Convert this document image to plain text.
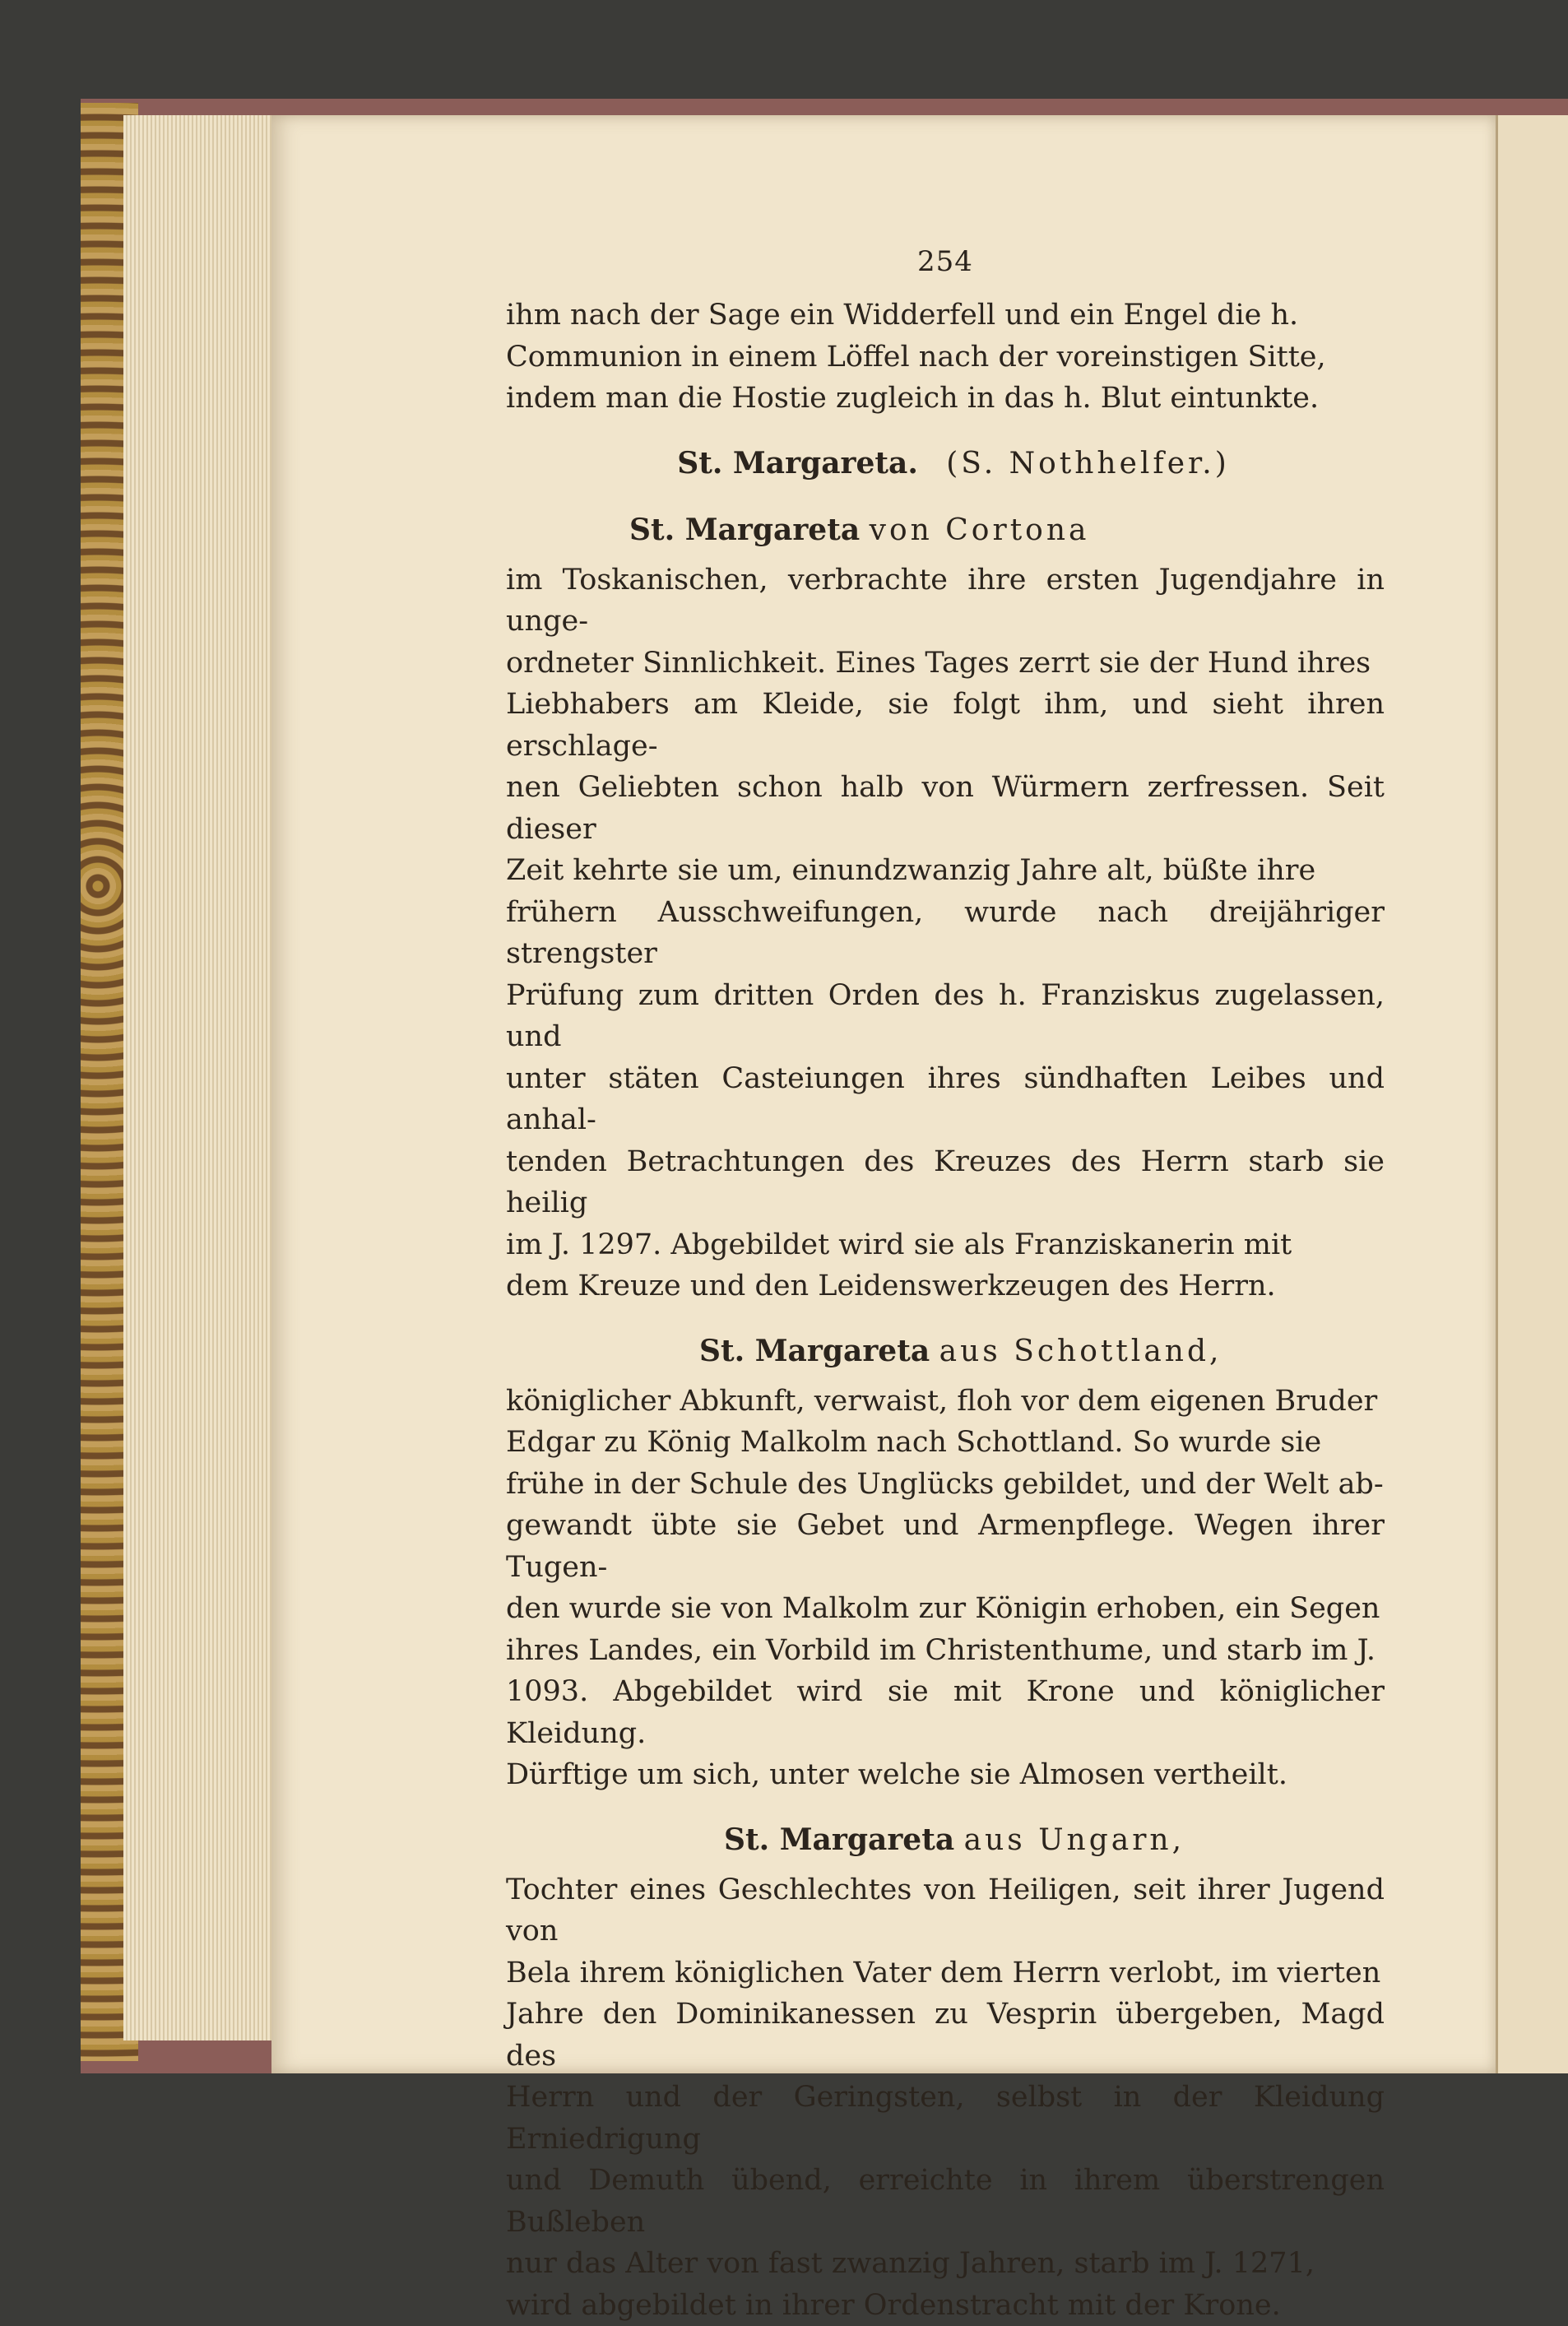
254

ihm nach der Sage ein Widderfell und ein Engel die h.

Communion in einem Löffel nach der voreinstigen Sitte,

indem man die Hostie zugleich in das h. Blut eintunkte.

St. Margareta. (S. Nothhelfer.)
St. Margareta von Cortona

im Toskanischen, verbrachte ihre ersten Jugendjahre in unge-

ordneter Sinnlichkeit. Eines Tages zerrt sie der Hund ihres

Liebhabers am Kleide, sie folgt ihm, und sieht ihren erschlage-

nen Geliebten schon halb von Würmern zerfressen. Seit dieser

Zeit kehrte sie um, einundzwanzig Jahre alt, büßte ihre

frühern Ausschweifungen, wurde nach dreijähriger strengster

Prüfung zum dritten Orden des h. Franziskus zugelassen, und

unter stäten Casteiungen ihres sündhaften Leibes und anhal-

tenden Betrachtungen des Kreuzes des Herrn starb sie heilig

im J. 1297. Abgebildet wird sie als Franziskanerin mit

dem Kreuze und den Leidenswerkzeugen des Herrn.

St. Margareta aus Schottland,

königlicher Abkunft, verwaist, floh vor dem eigenen Bruder

Edgar zu König Malkolm nach Schottland. So wurde sie

frühe in der Schule des Unglücks gebildet, und der Welt ab-

gewandt übte sie Gebet und Armenpflege. Wegen ihrer Tugen-

den wurde sie von Malkolm zur Königin erhoben, ein Segen

ihres Landes, ein Vorbild im Christenthume, und starb im J.

1093. Abgebildet wird sie mit Krone und königlicher Kleidung.

Dürftige um sich, unter welche sie Almosen vertheilt.

St. Margareta aus Ungarn,

Tochter eines Geschlechtes von Heiligen, seit ihrer Jugend von

Bela ihrem königlichen Vater dem Herrn verlobt, im vierten

Jahre den Dominikanessen zu Vesprin übergeben, Magd des

Herrn und der Geringsten, selbst in der Kleidung Erniedrigung

und Demuth übend, erreichte in ihrem überstrengen Bußleben

nur das Alter von fast zwanzig Jahren, starb im J. 1271,

wird abgebildet in ihrer Ordenstracht mit der Krone.
